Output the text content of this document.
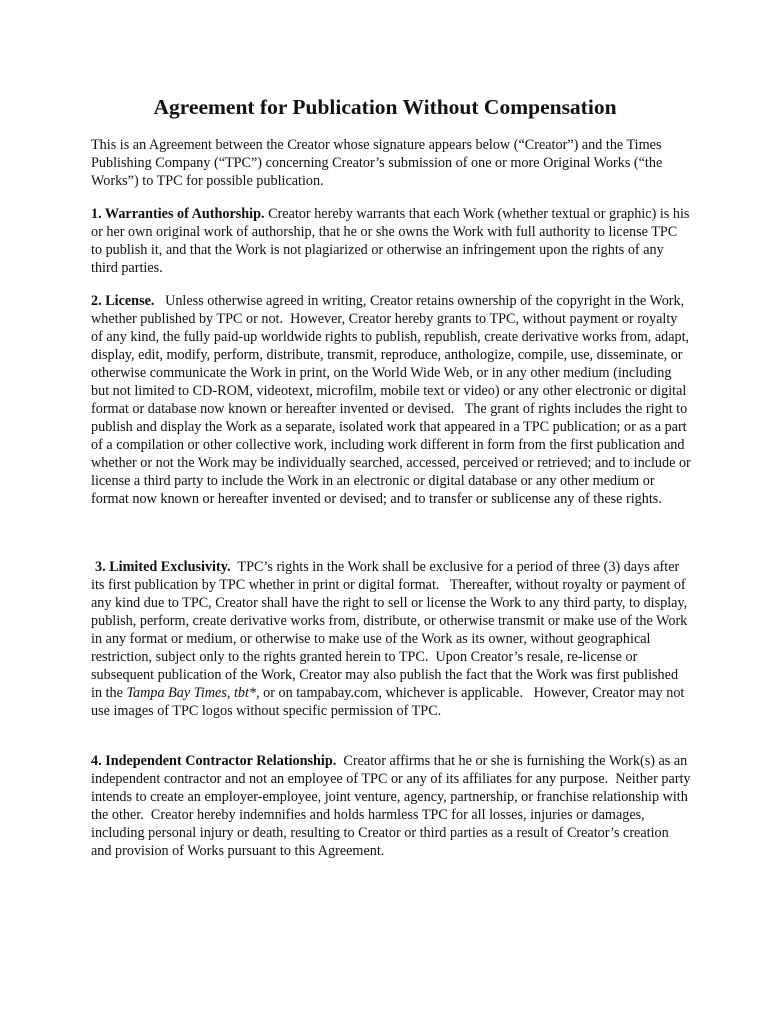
Agreement for Publication Without Compensation

This is an Agreement between the Creator whose signature appears below (“Creator”) and the Times Publishing Company (“TPC”) concerning Creator’s submission of one or more Original Works (“the Works”) to TPC for possible publication.

1. Warranties of Authorship. Creator hereby warrants that each Work (whether textual or graphic) is his or her own original work of authorship, that he or she owns the Work with full authority to license TPC to publish it, and that the Work is not plagiarized or otherwise an infringement upon the rights of any third parties.

2. License.   Unless otherwise agreed in writing, Creator retains ownership of the copyright in the Work, whether published by TPC or not.  However, Creator hereby grants to TPC, without payment or royalty of any kind, the fully paid-up worldwide rights to publish, republish, create derivative works from, adapt, display, edit, modify, perform, distribute, transmit, reproduce, anthologize, compile, use, disseminate, or otherwise communicate the Work in print, on the World Wide Web, or in any other medium (including but not limited to CD-ROM, videotext, microfilm, mobile text or video) or any other electronic or digital format or database now known or hereafter invented or devised.   The grant of rights includes the right to publish and display the Work as a separate, isolated work that appeared in a TPC publication; or as a part of a compilation or other collective work, including work different in form from the first publication and whether or not the Work may be individually searched, accessed, perceived or retrieved; and to include or license a third party to include the Work in an electronic or digital database or any other medium or format now known or hereafter invented or devised; and to transfer or sublicense any of these rights.

3. Limited Exclusivity.  TPC’s rights in the Work shall be exclusive for a period of three (3) days after its first publication by TPC whether in print or digital format.   Thereafter, without royalty or payment of any kind due to TPC, Creator shall have the right to sell or license the Work to any third party, to display, publish, perform, create derivative works from, distribute, or otherwise transmit or make use of the Work in any format or medium, or otherwise to make use of the Work as its owner, without geographical restriction, subject only to the rights granted herein to TPC.  Upon Creator’s resale, re-license or subsequent publication of the Work, Creator may also publish the fact that the Work was first published in the Tampa Bay Times, tbt*, or on tampabay.com, whichever is applicable.   However, Creator may not use images of TPC logos without specific permission of TPC.

4. Independent Contractor Relationship.  Creator affirms that he or she is furnishing the Work(s) as an independent contractor and not an employee of TPC or any of its affiliates for any purpose.  Neither party intends to create an employer-employee, joint venture, agency, partnership, or franchise relationship with the other.  Creator hereby indemnifies and holds harmless TPC for all losses, injuries or damages, including personal injury or death, resulting to Creator or third parties as a result of Creator’s creation and provision of Works pursuant to this Agreement.
